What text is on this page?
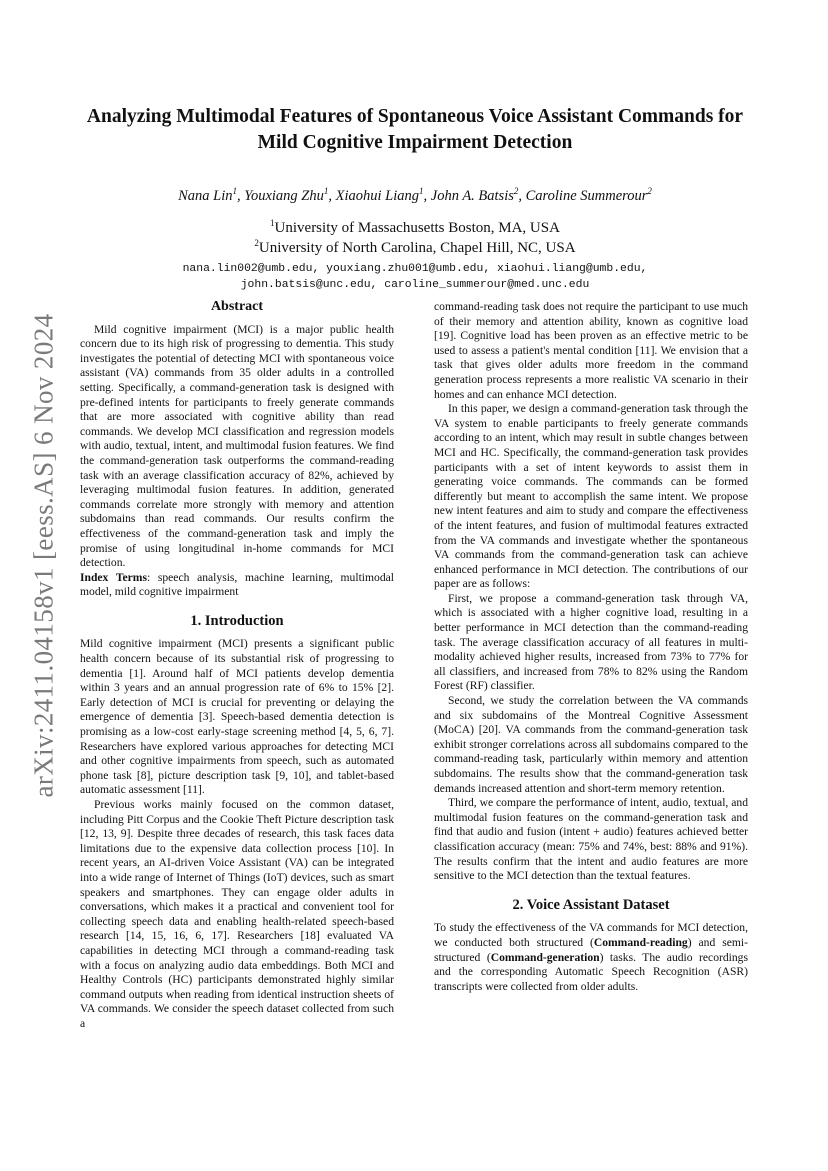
arXiv:2411.04158v1 [eess.AS] 6 Nov 2024
Analyzing Multimodal Features of Spontaneous Voice Assistant Commands for
Mild Cognitive Impairment Detection
Nana Lin$^1$, Youxiang Zhu$^1$, Xiaohui Liang$^1$, John A. Batsis$^2$, Caroline Summerour$^2$
$^1$University of Massachusetts Boston, MA, USA
$^2$University of North Carolina, Chapel Hill, NC, USA
nana.lin002@umb.edu, youxiang.zhu001@umb.edu, xiaohui.liang@umb.edu,
john.batsis@unc.edu, caroline_summerour@med.unc.edu
Abstract

Mild cognitive impairment (MCI) is a major public health concern due to its high risk of progressing to dementia. This study investigates the potential of detecting MCI with spontaneous voice assistant (VA) commands from 35 older adults in a controlled setting. Specifically, a command-generation task is designed with pre-defined intents for participants to freely generate commands that are more associated with cognitive ability than read commands. We develop MCI classification and regression models with audio, textual, intent, and multimodal fusion features. We find the command-generation task outperforms the command-reading task with an average classification accuracy of 82%, achieved by leveraging multimodal fusion features. In addition, generated commands correlate more strongly with memory and attention subdomains than read commands. Our results confirm the effectiveness of the command-generation task and imply the promise of using longitudinal in-home commands for MCI detection.

Index Terms: speech analysis, machine learning, multimodal model, mild cognitive impairment

1. Introduction

Mild cognitive impairment (MCI) presents a significant public health concern because of its substantial risk of progressing to dementia [1]. Around half of MCI patients develop dementia within 3 years and an annual progression rate of 6% to 15% [2]. Early detection of MCI is crucial for preventing or delaying the emergence of dementia [3]. Speech-based dementia detection is promising as a low-cost early-stage screening method [4, 5, 6, 7]. Researchers have explored various approaches for detecting MCI and other cognitive impairments from speech, such as automated phone task [8], picture description task [9, 10], and tablet-based automatic assessment [11].

Previous works mainly focused on the common dataset, including Pitt Corpus and the Cookie Theft Picture description task [12, 13, 9]. Despite three decades of research, this task faces data limitations due to the expensive data collection process [10]. In recent years, an AI-driven Voice Assistant (VA) can be integrated into a wide range of Internet of Things (IoT) devices, such as smart speakers and smartphones. They can engage older adults in conversations, which makes it a practical and convenient tool for collecting speech data and enabling health-related speech-based research [14, 15, 16, 6, 17]. Researchers [18] evaluated VA capabilities in detecting MCI through a command-reading task with a focus on analyzing audio data embeddings. Both MCI and Healthy Controls (HC) participants demonstrated highly similar command outputs when reading from identical instruction sheets of VA commands. We consider the speech dataset collected from such a

command-reading task does not require the participant to use much of their memory and attention ability, known as cognitive load [19]. Cognitive load has been proven as an effective metric to be used to assess a patient's mental condition [11]. We envision that a task that gives older adults more freedom in the command generation process represents a more realistic VA scenario in their homes and can enhance MCI detection.

In this paper, we design a command-generation task through the VA system to enable participants to freely generate commands according to an intent, which may result in subtle changes between MCI and HC. Specifically, the command-generation task provides participants with a set of intent keywords to assist them in generating voice commands. The commands can be formed differently but meant to accomplish the same intent. We propose new intent features and aim to study and compare the effectiveness of the intent features, and fusion of multimodal features extracted from the VA commands and investigate whether the spontaneous VA commands from the command-generation task can achieve enhanced performance in MCI detection. The contributions of our paper are as follows:

First, we propose a command-generation task through VA, which is associated with a higher cognitive load, resulting in a better performance in MCI detection than the command-reading task. The average classification accuracy of all features in multi-modality achieved higher results, increased from 73% to 77% for all classifiers, and increased from 78% to 82% using the Random Forest (RF) classifier.

Second, we study the correlation between the VA commands and six subdomains of the Montreal Cognitive Assessment (MoCA) [20]. VA commands from the command-generation task exhibit stronger correlations across all subdomains compared to the command-reading task, particularly within memory and attention subdomains. The results show that the command-generation task demands increased attention and short-term memory retention.

Third, we compare the performance of intent, audio, textual, and multimodal fusion features on the command-generation task and find that audio and fusion (intent + audio) features achieved better classification accuracy (mean: 75% and 74%, best: 88% and 91%). The results confirm that the intent and audio features are more sensitive to the MCI detection than the textual features.

2. Voice Assistant Dataset

To study the effectiveness of the VA commands for MCI detection, we conducted both structured (Command-reading) and semi-structured (Command-generation) tasks. The audio recordings and the corresponding Automatic Speech Recognition (ASR) transcripts were collected from older adults.
